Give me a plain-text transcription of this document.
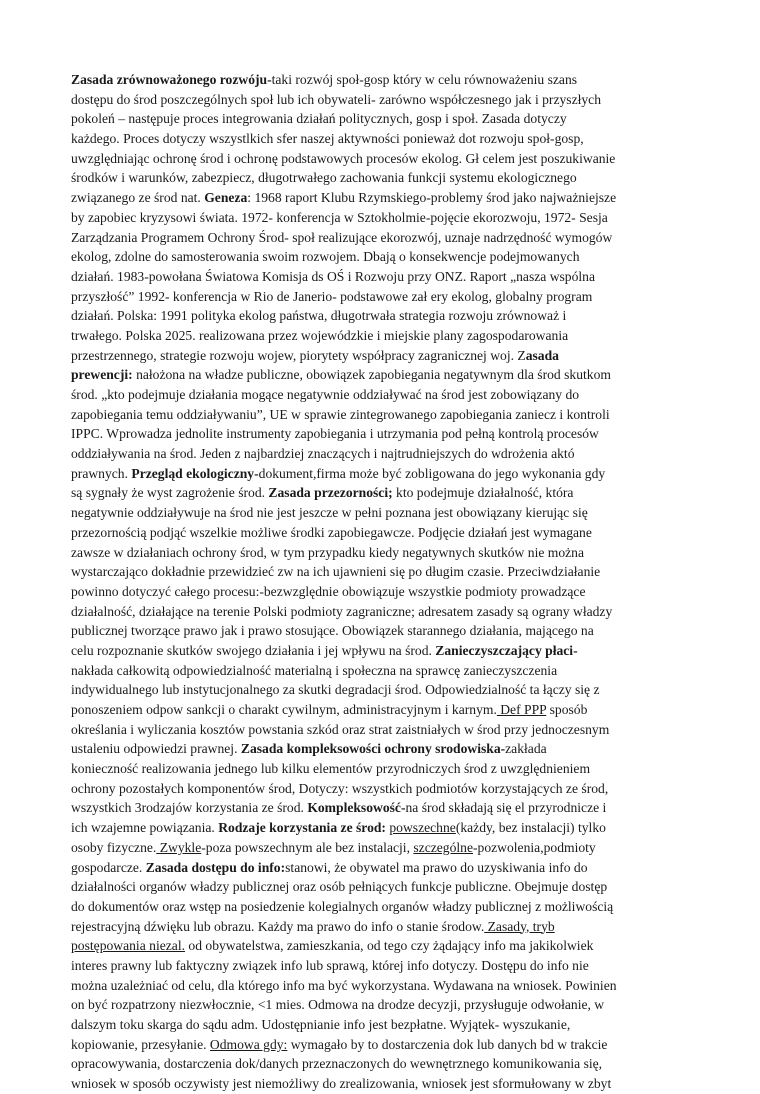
Zasada zrównoważonego rozwóju-taki rozwój społ-gosp który w celu równoważeniu szans
dostępu do środ poszczególnych społ lub ich obywateli- zarówno współczesnego jak i przyszłych
pokoleń – następuje proces integrowania działań politycznych, gosp i społ. Zasada dotyczy
każdego. Proces dotyczy wszystlkich sfer naszej aktywności ponieważ dot rozwoju społ-gosp,
uwzględniając ochronę środ i ochronę podstawowych procesów ekolog. Gł celem jest poszukiwanie
środków i warunków, zabezpiecz, długotrwałego zachowania funkcji systemu ekologicznego
związanego ze środ nat. Geneza: 1968 raport Klubu Rzymskiego-problemy środ jako najważniejsze
by zapobiec kryzysowi świata. 1972- konferencja w Sztokholmie-pojęcie ekorozwoju, 1972- Sesja
Zarządzania Programem Ochrony Środ- społ realizujące ekorozwój, uznaje nadrzędność wymogów
ekolog, zdolne do samosterowania swoim rozwojem. Dbają o konsekwencje podejmowanych
działań. 1983-powołana Światowa Komisja ds OŚ i Rozwoju przy ONZ. Raport „nasza wspólna
przyszłość” 1992- konferencja w Rio de Janerio- podstawowe zał ery ekolog, globalny program
działań. Polska: 1991 polityka ekolog państwa, długotrwała strategia rozwoju zrównoważ i
trwałego. Polska 2025. realizowana przez wojewódzkie i miejskie plany zagospodarowania
przestrzennego, strategie rozwoju wojew, piorytety współpracy zagranicznej woj. Zasada
prewencji: nałożona na władze publiczne, obowiązek zapobiegania negatywnym dla środ skutkom
środ. „kto podejmuje działania mogące negatywnie oddziaływać na środ jest zobowiązany do
zapobiegania temu oddziaływaniu”, UE w sprawie zintegrowanego zapobiegania zaniecz i kontroli
IPPC. Wprowadza jednolite instrumenty zapobiegania i utrzymania pod pełną kontrolą procesów
oddziaływania na środ. Jeden z najbardziej znaczących i najtrudniejszych do wdrożenia aktó
prawnych. Przegląd ekologiczny-dokument,firma może być zobligowana do jego wykonania gdy
są sygnały że wyst zagrożenie środ. Zasada przezorności; kto podejmuje działalność, która
negatywnie oddziaływuje na środ nie jest jeszcze w pełni poznana jest obowiązany kierując się
przezornością podjąć wszelkie możliwe środki zapobiegawcze. Podjęcie działań jest wymagane
zawsze w działaniach ochrony środ, w tym przypadku kiedy negatywnych skutków nie można
wystarczająco dokładnie przewidzieć zw na ich ujawnieni się po długim czasie. Przeciwdziałanie
powinno dotyczyć całego procesu:-bezwzględnie obowiązuje wszystkie podmioty prowadzące
działalność, działające na terenie Polski podmioty zagraniczne; adresatem zasady są ograny władzy
publicznej tworzące prawo jak i prawo stosujące. Obowiązek starannego działania, mającego na
celu rozpoznanie skutków swojego działania i jej wpływu na środ. Zanieczyszczający płaci-
nakłada całkowitą odpowiedzialność materialną i społeczna na sprawcę zanieczyszczenia
indywidualnego lub instytucjonalnego za skutki degradacji środ. Odpowiedzialność ta łączy się z
ponoszeniem odpow sankcji o charakt cywilnym, administracyjnym i karnym. Def PPP sposób
określania i wyliczania kosztów powstania szkód oraz strat zaistniałych w środ przy jednoczesnym
ustaleniu odpowiedzi prawnej. Zasada kompleksowości ochrony srodowiska-zakłada
konieczność realizowania jednego lub kilku elementów przyrodniczych środ z uwzględnieniem
ochrony pozostałych komponentów środ, Dotyczy: wszystkich podmiotów korzystających ze środ,
wszystkich 3rodzajów korzystania ze środ. Kompleksowość-na środ składają się el przyrodnicze i
ich wzajemne powiązania. Rodzaje korzystania ze środ: powszechne(każdy, bez instalacji) tylko
osoby fizyczne. Zwykle-poza powszechnym ale bez instalacji, szczególne-pozwolenia,podmioty
gospodarcze. Zasada dostępu do info:stanowi, że obywatel ma prawo do uzyskiwania info do
działalności organów władzy publicznej oraz osób pełniących funkcje publiczne. Obejmuje dostęp
do dokumentów oraz wstęp na posiedzenie kolegialnych organów władzy publicznej z możliwością
rejestracyjną dźwięku lub obrazu. Każdy ma prawo do info o stanie środow. Zasady, tryb
postępowania niezal. od obywatelstwa, zamieszkania, od tego czy żądający info ma jakikolwiek
interes prawny lub faktyczny związek info lub sprawą, której info dotyczy. Dostępu do info nie
można uzależniać od celu, dla którego info ma być wykorzystana. Wydawana na wniosek. Powinien
on być rozpatrzony niezwłocznie, <1 mies. Odmowa na drodze decyzji, przysługuje odwołanie, w
dalszym toku skarga do sądu adm. Udostępnianie info jest bezpłatne. Wyjątek- wyszukanie,
kopiowanie, przesyłanie. Odmowa gdy: wymagało by to dostarczenia dok lub danych bd w trakcie
opracowywania, dostarczenia dok/danych przeznaczonych do wewnętrznego komunikowania się,
wniosek w sposób oczywisty jest niemożliwy do zrealizowania, wniosek jest sformułowany w zbyt
